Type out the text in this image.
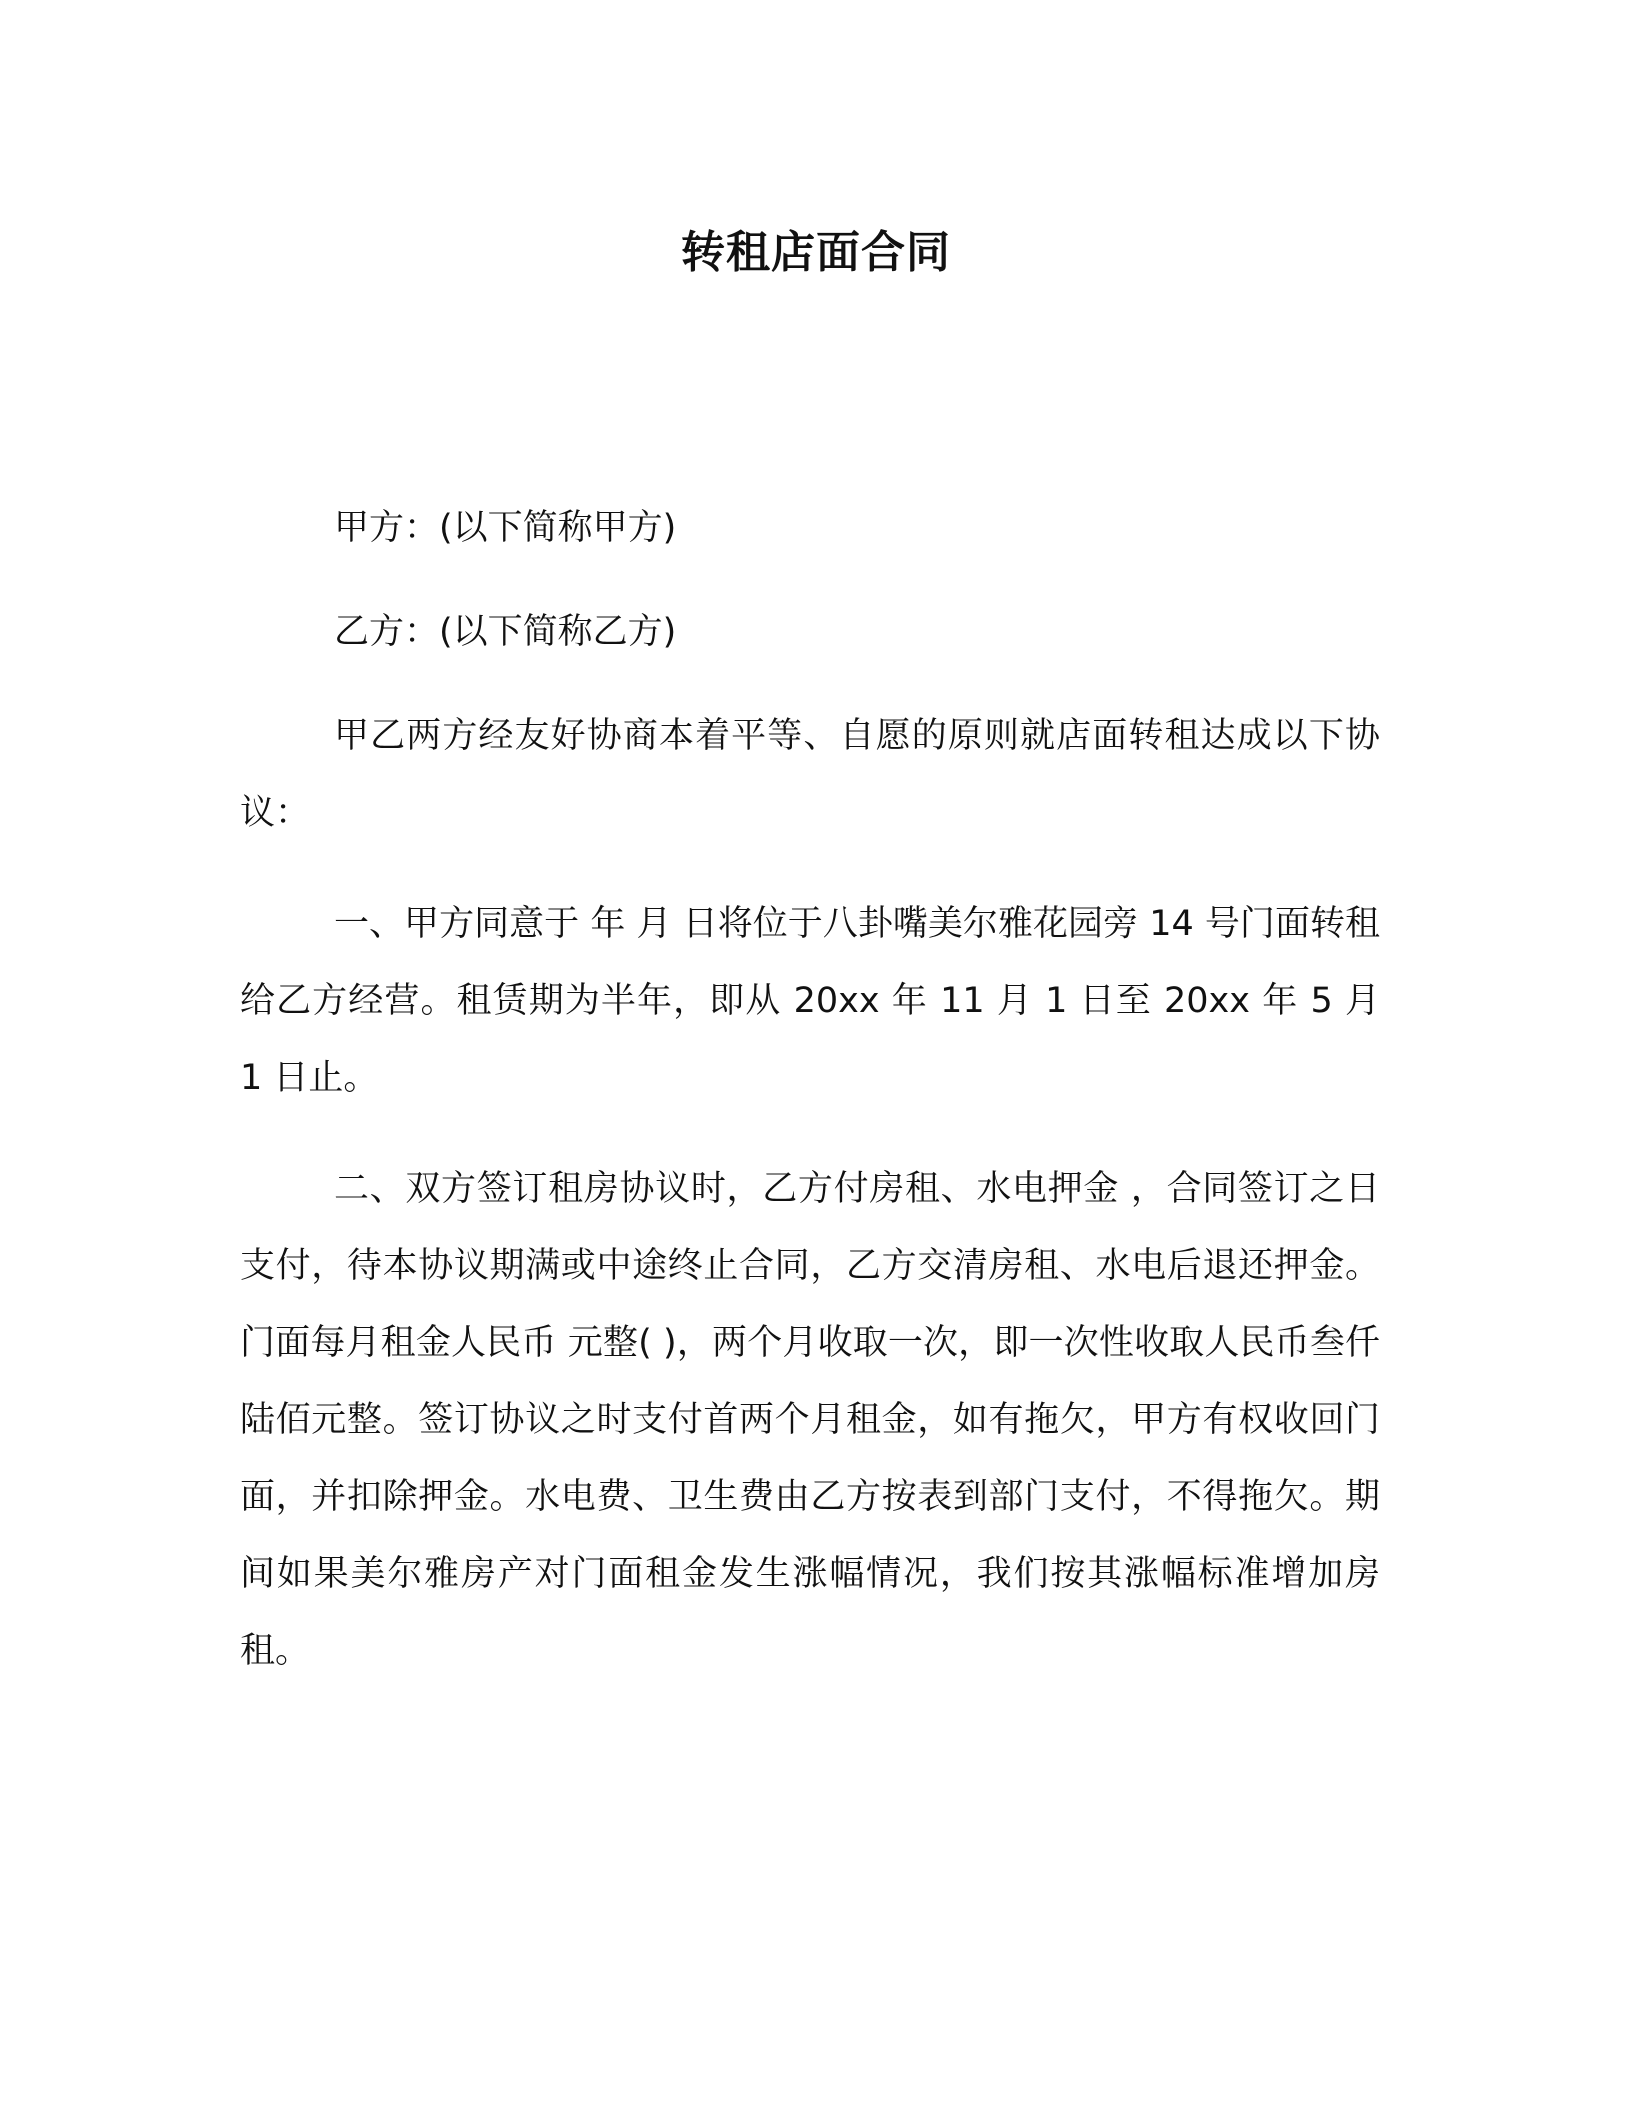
转租店面合同

甲方：(以下简称甲方)

乙方：(以下简称乙方)

甲乙两方经友好协商本着平等、自愿的原则就店面转租达成以下协议：

一、甲方同意于 年 月 日将位于八卦嘴美尔雅花园旁 14 号门面转租给乙方经营。租赁期为半年，即从 20xx 年 11 月 1 日至 20xx 年 5 月 1 日止。

二、双方签订租房协议时，乙方付房租、水电押金 ，合同签订之日支付，待本协议期满或中途终止合同，乙方交清房租、水电后退还押金。门面每月租金人民币 元整( )，两个月收取一次，即一次性收取人民币叁仟陆佰元整。签订协议之时支付首两个月租金，如有拖欠，甲方有权收回门面，并扣除押金。水电费、卫生费由乙方按表到部门支付，不得拖欠。期间如果美尔雅房产对门面租金发生涨幅情况，我们按其涨幅标准增加房租。
